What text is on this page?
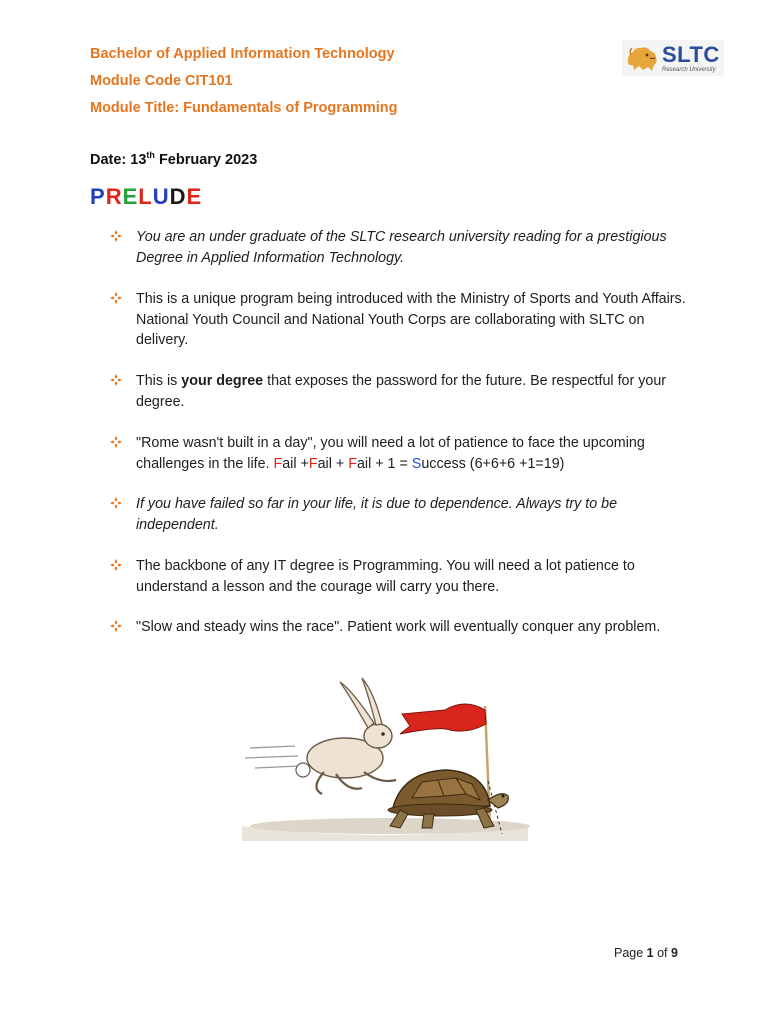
Bachelor of Applied Information Technology
Module Code CIT101
Module Title: Fundamentals of Programming
SLTC
Research University
Date: 13th February 2023
PRELUDE
You are an under graduate of the SLTC research university reading for a prestigious Degree in Applied Information Technology.
This is a unique program being introduced with the Ministry of Sports and Youth Affairs. National Youth Council and National Youth Corps are collaborating with SLTC on delivery.
This is your degree that exposes the password for the future. Be respectful for your degree.
"Rome wasn't built in a day", you will need a lot of patience to face the upcoming challenges in the life. Fail +Fail + Fail + 1 = Success (6+6+6 +1=19)
If you have failed so far in your life, it is due to dependence. Always try to be independent.
The backbone of any IT degree is Programming. You will need a lot patience to understand a lesson and the courage will carry you there.
"Slow and steady wins the race". Patient work will eventually conquer any problem.
Page 1 of 9
